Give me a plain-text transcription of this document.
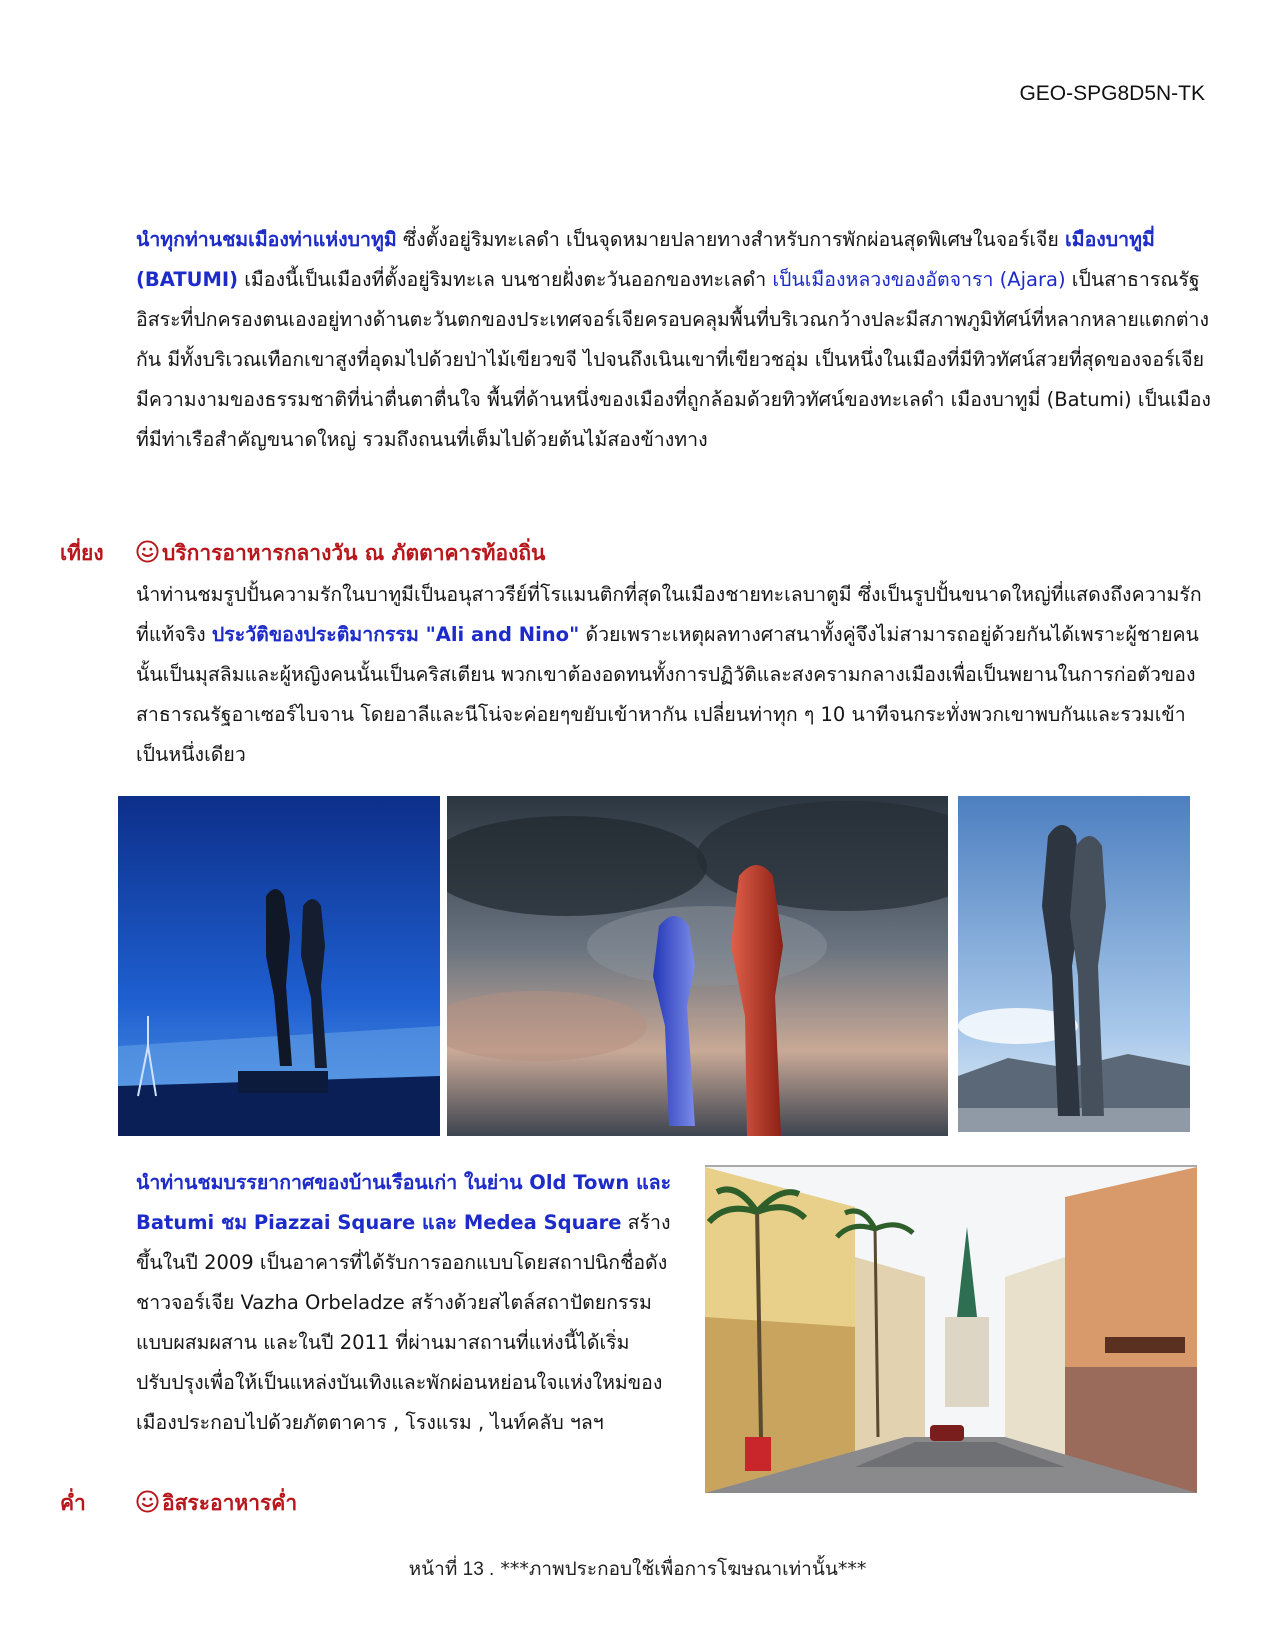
GEO-SPG8D5N-TK
นำทุกท่านชมเมืองท่าแห่งบาทูมิ ซึ่งตั้งอยู่ริมทะเลดำ เป็นจุดหมายปลายทางสำหรับการพักผ่อนสุดพิเศษในจอร์เจีย เมืองบาทูมี่ (BATUMI) เมืองนี้เป็นเมืองที่ตั้งอยู่ริมทะเล บนชายฝั่งตะวันออกของทะเลดำ เป็นเมืองหลวงของอัตจารา (Ajara) เป็นสาธารณรัฐอิสระที่ปกครองตนเองอยู่ทางด้านตะวันตกของประเทศจอร์เจียครอบคลุมพื้นที่บริเวณกว้างปละมีสภาพภูมิทัศน์ที่หลากหลายแตกต่างกัน มีทั้งบริเวณเทือกเขาสูงที่อุดมไปด้วยป่าไม้เขียวขจี ไปจนถึงเนินเขาที่เขียวชอุ่ม เป็นหนึ่งในเมืองที่มีทิวทัศน์สวยที่สุดของจอร์เจีย มีความงามของธรรมชาติที่น่าตื่นตาตื่นใจ พื้นที่ด้านหนึ่งของเมืองที่ถูกล้อมด้วยทิวทัศน์ของทะเลดำ เมืองบาทูมี่ (Batumi) เป็นเมืองที่มีท่าเรือสำคัญขนาดใหญ่ รวมถึงถนนที่เต็มไปด้วยต้นไม้สองข้างทาง
เที่ยง	บริการอาหารกลางวัน ณ ภัตตาคารท้องถิ่น
นำท่านชมรูปปั้นความรักในบาทูมีเป็นอนุสาวรีย์ที่โรแมนติกที่สุดในเมืองชายทะเลบาตูมี ซึ่งเป็นรูปปั้นขนาดใหญ่ที่แสดงถึงความรักที่แท้จริง ประวัติของประติมากรรม "Ali and Nino" ด้วยเพราะเหตุผลทางศาสนาทั้งคู่จึงไม่สามารถอยู่ด้วยกันได้เพราะผู้ชายคนนั้นเป็นมุสลิมและผู้หญิงคนนั้นเป็นคริสเตียน พวกเขาต้องอดทนทั้งการปฏิวัติและสงครามกลางเมืองเพื่อเป็นพยานในการก่อตัวของสาธารณรัฐอาเซอร์ไบจาน โดยอาลีและนีโน่จะค่อยๆขยับเข้าหากัน เปลี่ยนท่าทุก ๆ 10 นาทีจนกระทั่งพวกเขาพบกันและรวมเข้าเป็นหนึ่งเดียว
นำท่านชมบรรยากาศของบ้านเรือนเก่า ในย่าน Old Town และ Batumi ชม Piazzai Square และ Medea Square สร้างขึ้นในปี 2009 เป็นอาคารที่ได้รับการออกแบบโดยสถาปนิกชื่อดังชาวจอร์เจีย Vazha Orbeladze สร้างด้วยสไตล์สถาปัตยกรรมแบบผสมผสาน และในปี 2011 ที่ผ่านมาสถานที่แห่งนี้ได้เริ่มปรับปรุงเพื่อให้เป็นแหล่งบันเทิงและพักผ่อนหย่อนใจแห่งใหม่ของเมืองประกอบไปด้วยภัตตาคาร , โรงแรม , ไนท์คลับ ฯลฯ
ค่ำ	อิสระอาหารค่ำ
หน้าที่ 13 . ***ภาพประกอบใช้เพื่อการโฆษณาเท่านั้น***
